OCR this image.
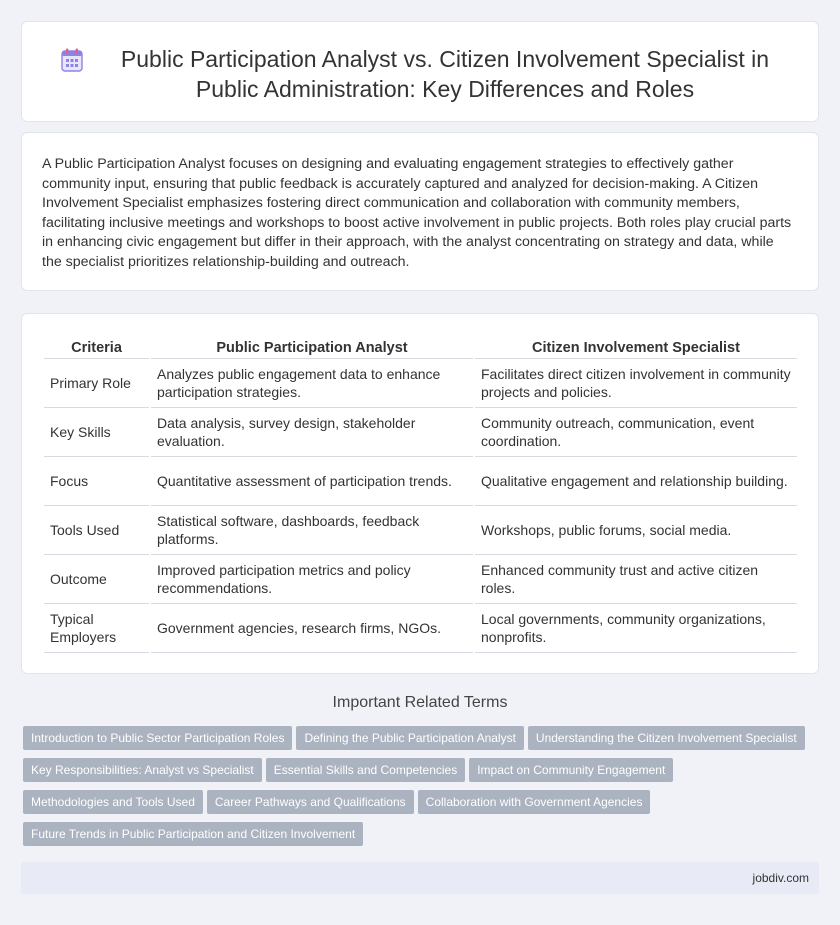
Public Participation Analyst vs. Citizen Involvement Specialist in Public Administration: Key Differences and Roles

A Public Participation Analyst focuses on designing and evaluating engagement strategies to effectively gather community input, ensuring that public feedback is accurately captured and analyzed for decision-making. A Citizen Involvement Specialist emphasizes fostering direct communication and collaboration with community members, facilitating inclusive meetings and workshops to boost active involvement in public projects. Both roles play crucial parts in enhancing civic engagement but differ in their approach, with the analyst concentrating on strategy and data, while the specialist prioritizes relationship-building and outreach.

Criteria	Public Participation Analyst	Citizen Involvement Specialist
Primary Role	Analyzes public engagement data to enhance participation strategies.	Facilitates direct citizen involvement in community projects and policies.
Key Skills	Data analysis, survey design, stakeholder evaluation.	Community outreach, communication, event coordination.
Focus	Quantitative assessment of participation trends.	Qualitative engagement and relationship building.
Tools Used	Statistical software, dashboards, feedback platforms.	Workshops, public forums, social media.
Outcome	Improved participation metrics and policy recommendations.	Enhanced community trust and active citizen roles.
Typical Employers	Government agencies, research firms, NGOs.	Local governments, community organizations, nonprofits.
Important Related Terms
Introduction to Public Sector Participation Roles Defining the Public Participation Analyst Understanding the Citizen Involvement Specialist
Key Responsibilities: Analyst vs Specialist Essential Skills and Competencies Impact on Community Engagement
Methodologies and Tools Used Career Pathways and Qualifications Collaboration with Government Agencies
Future Trends in Public Participation and Citizen Involvement
jobdiv.com
